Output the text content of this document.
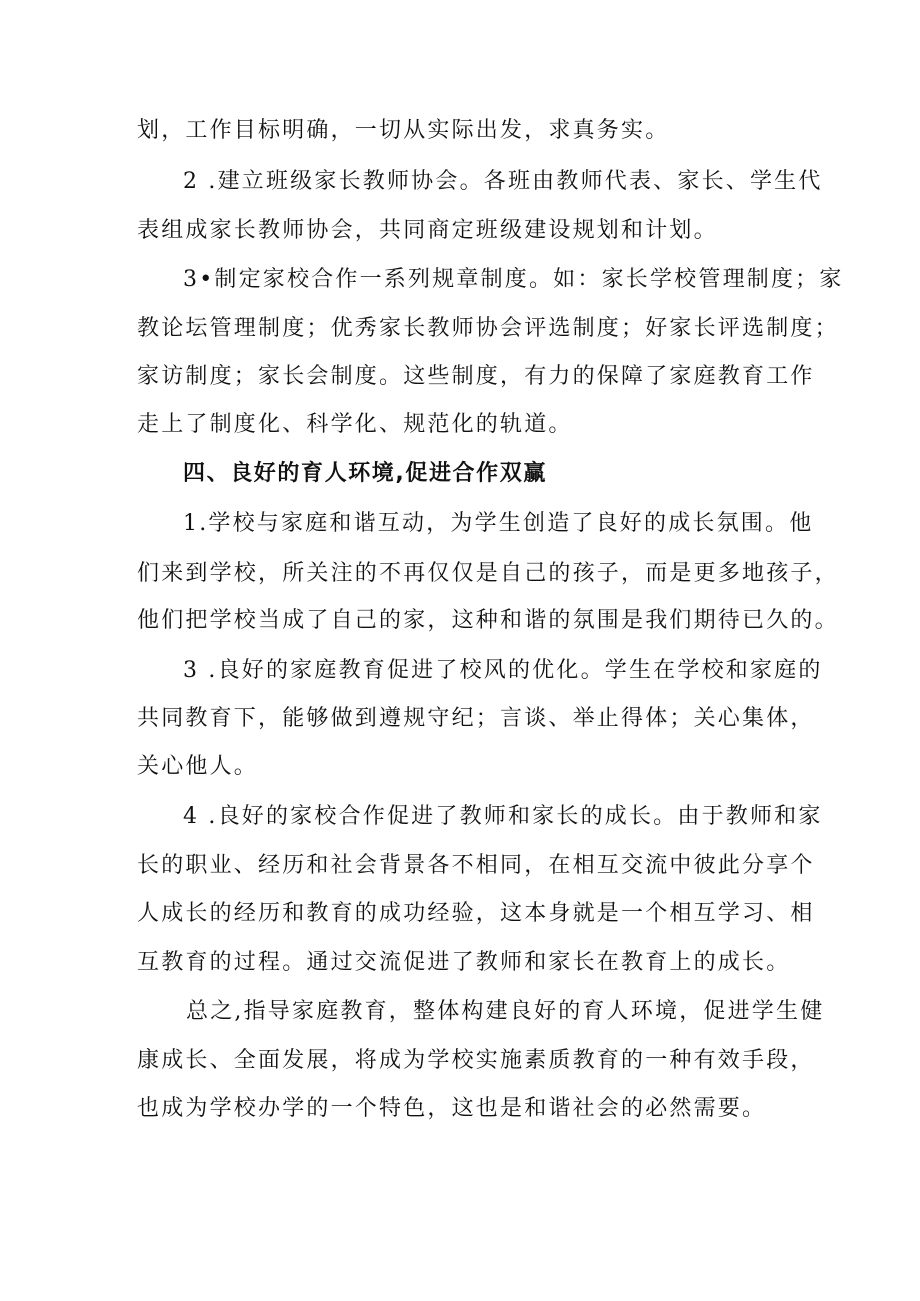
划，工作目标明确，一切从实际出发，求真务实。
2 .建立班级家长教师协会。各班由教师代表、家长、学生代
表组成家长教师协会，共同商定班级建设规划和计划。
3•制定家校合作一系列规章制度。如：家长学校管理制度；家
教论坛管理制度；优秀家长教师协会评选制度；好家长评选制度；
家访制度；家长会制度。这些制度，有力的保障了家庭教育工作
走上了制度化、科学化、规范化的轨道。
四、良好的育人环境,促进合作双赢
1.学校与家庭和谐互动，为学生创造了良好的成长氛围。他
们来到学校，所关注的不再仅仅是自己的孩子，而是更多地孩子，
他们把学校当成了自己的家，这种和谐的氛围是我们期待已久的。
3 .良好的家庭教育促进了校风的优化。学生在学校和家庭的
共同教育下，能够做到遵规守纪；言谈、举止得体；关心集体，
关心他人。
4 .良好的家校合作促进了教师和家长的成长。由于教师和家
长的职业、经历和社会背景各不相同，在相互交流中彼此分享个
人成长的经历和教育的成功经验，这本身就是一个相互学习、相
互教育的过程。通过交流促进了教师和家长在教育上的成长。
总之,指导家庭教育，整体构建良好的育人环境，促进学生健
康成长、全面发展，将成为学校实施素质教育的一种有效手段，
也成为学校办学的一个特色，这也是和谐社会的必然需要。
